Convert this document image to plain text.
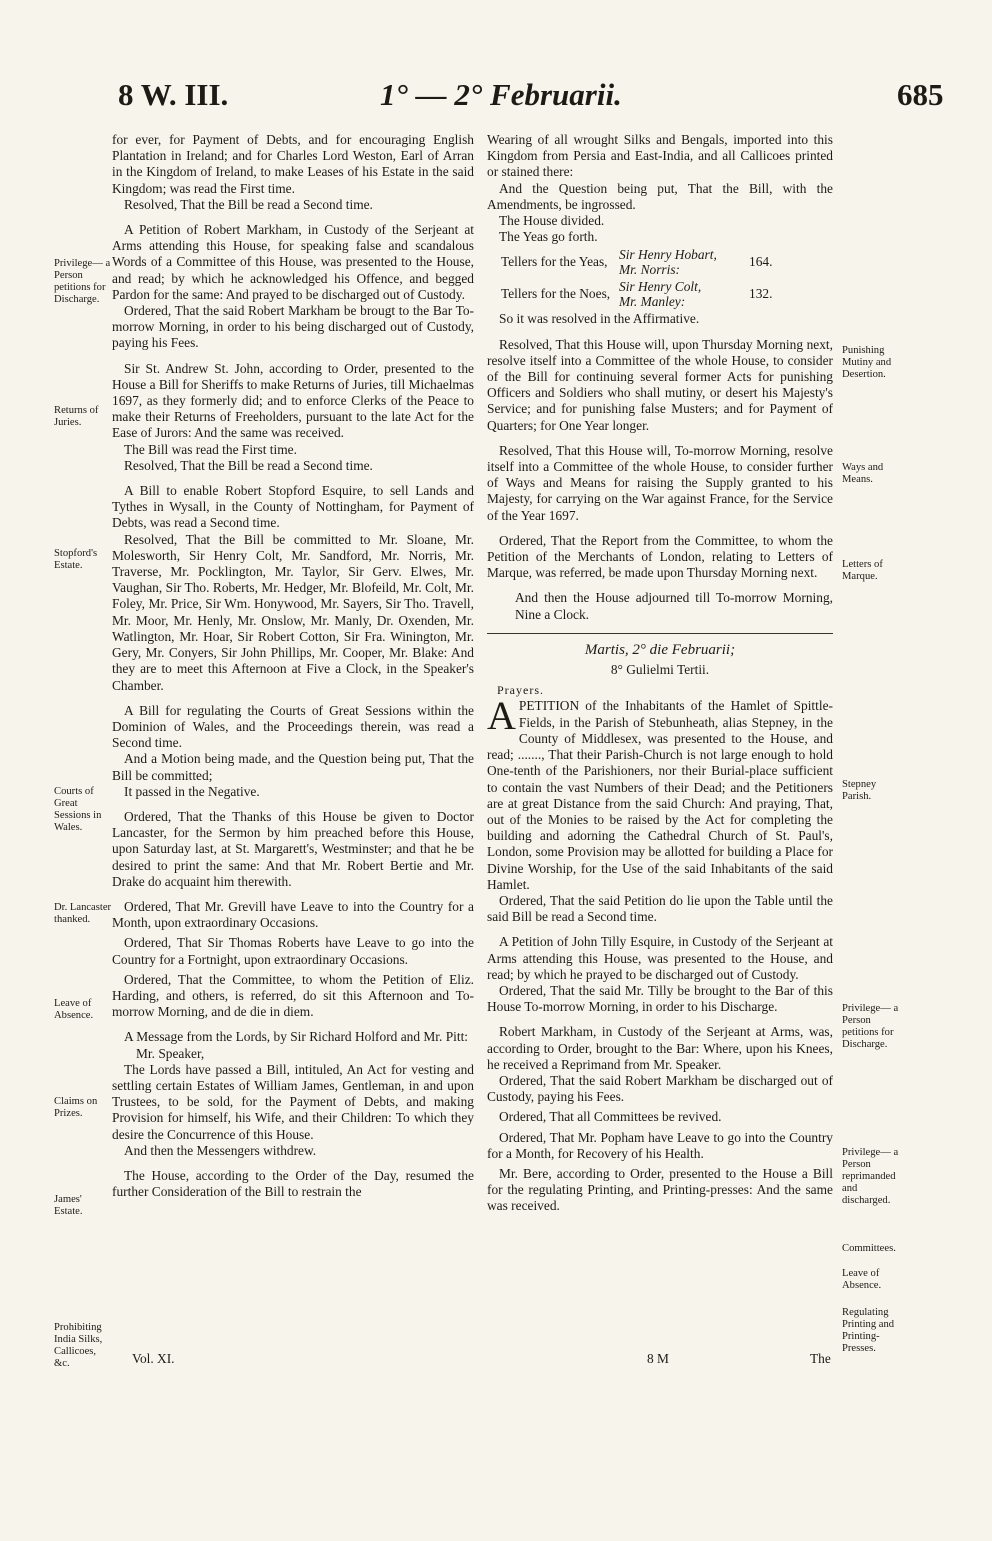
8 W. III.	1° — 2° Februarii.	685
Privilege— a Person petitions for Discharge.
Returns of Juries.
Stopford's Estate.
Courts of Great Sessions in Wales.
Dr. Lancaster thanked.
Leave of Absence.
Claims on Prizes.
James' Estate.
Prohibiting India Silks, Callicoes, &c.
Punishing Mutiny and Desertion.
Ways and Means.
Letters of Marque.
Stepney Parish.
Privilege— a Person petitions for Discharge.
Privilege— a Person reprimanded and discharged.
Committees.
Leave of Absence.
Regulating Printing and Printing-Presses.

for ever, for Payment of Debts, and for encouraging English Plantation in Ireland; and for Charles Lord Weston, Earl of Arran in the Kingdom of Ireland, to make Leases of his Estate in the said Kingdom; was read the First time.

Resolved, That the Bill be read a Second time.

A Petition of Robert Markham, in Custody of the Serjeant at Arms attending this House, for speaking false and scandalous Words of a Committee of this House, was presented to the House, and read; by which he acknowledged his Offence, and begged Pardon for the same: And prayed to be discharged out of Custody.

Ordered, That the said Robert Markham be brougt to the Bar To-morrow Morning, in order to his being discharged out of Custody, paying his Fees.

Sir St. Andrew St. John, according to Order, presented to the House a Bill for Sheriffs to make Returns of Juries, till Michaelmas 1697, as they formerly did; and to enforce Clerks of the Peace to make their Returns of Freeholders, pursuant to the late Act for the Ease of Jurors: And the same was received.

The Bill was read the First time.

Resolved, That the Bill be read a Second time.

A Bill to enable Robert Stopford Esquire, to sell Lands and Tythes in Wysall, in the County of Nottingham, for Payment of Debts, was read a Second time.

Resolved, That the Bill be committed to Mr. Sloane, Mr. Molesworth, Sir Henry Colt, Mr. Sandford, Mr. Norris, Mr. Traverse, Mr. Pocklington, Mr. Taylor, Sir Gerv. Elwes, Mr. Vaughan, Sir Tho. Roberts, Mr. Hedger, Mr. Blofeild, Mr. Colt, Mr. Foley, Mr. Price, Sir Wm. Honywood, Mr. Sayers, Sir Tho. Travell, Mr. Moor, Mr. Henly, Mr. Onslow, Mr. Manly, Dr. Oxenden, Mr. Watlington, Mr. Hoar, Sir Robert Cotton, Sir Fra. Winington, Mr. Gery, Mr. Conyers, Sir John Phillips, Mr. Cooper, Mr. Blake: And they are to meet this Afternoon at Five a Clock, in the Speaker's Chamber.

A Bill for regulating the Courts of Great Sessions within the Dominion of Wales, and the Proceedings therein, was read a Second time.

And a Motion being made, and the Question being put, That the Bill be committed;

It passed in the Negative.

Ordered, That the Thanks of this House be given to Doctor Lancaster, for the Sermon by him preached before this House, upon Saturday last, at St. Margarett's, Westminster; and that he be desired to print the same: And that Mr. Robert Bertie and Mr. Drake do acquaint him therewith.

Ordered, That Mr. Grevill have Leave to into the Country for a Month, upon extraordinary Occasions.

Ordered, That Sir Thomas Roberts have Leave to go into the Country for a Fortnight, upon extraordinary Occasions.

Ordered, That the Committee, to whom the Petition of Eliz. Harding, and others, is referred, do sit this Afternoon and To-morrow Morning, and de die in diem.

A Message from the Lords, by Sir Richard Holford and Mr. Pitt:

Mr. Speaker,

The Lords have passed a Bill, intituled, An Act for vesting and settling certain Estates of William James, Gentleman, in and upon Trustees, to be sold, for the Payment of Debts, and making Provision for himself, his Wife, and their Children: To which they desire the Concurrence of this House.

And then the Messengers withdrew.

The House, according to the Order of the Day, resumed the further Consideration of the Bill to restrain the

Wearing of all wrought Silks and Bengals, imported into this Kingdom from Persia and East-India, and all Callicoes printed or stained there:

And the Question being put, That the Bill, with the Amendments, be ingrossed.

The House divided.

The Yeas go forth.

Tellers for the Yeas, Sir Henry Hobart,
Mr. Norris:
164.
Tellers for the Noes, Sir Henry Colt,
Mr. Manley:
132.

So it was resolved in the Affirmative.

Resolved, That this House will, upon Thursday Morning next, resolve itself into a Committee of the whole House, to consider of the Bill for continuing several former Acts for punishing Officers and Soldiers who shall mutiny, or desert his Majesty's Service; and for punishing false Musters; and for Payment of Quarters; for One Year longer.

Resolved, That this House will, To-morrow Morning, resolve itself into a Committee of the whole House, to consider further of Ways and Means for raising the Supply granted to his Majesty, for carrying on the War against France, for the Service of the Year 1697.

Ordered, That the Report from the Committee, to whom the Petition of the Merchants of London, relating to Letters of Marque, was referred, be made upon Thursday Morning next.

And then the House adjourned till To-morrow Morning, Nine a Clock.

Martis, 2° die Februarii;

8° Gulielmi Tertii.

Prayers.

APETITION of the Inhabitants of the Hamlet of Spittle-Fields, in the Parish of Stebunheath, alias Stepney, in the County of Middlesex, was presented to the House, and read; ......., That their Parish-Church is not large enough to hold One-tenth of the Parishioners, nor their Burial-place sufficient to contain the vast Numbers of their Dead; and the Petitioners are at great Distance from the said Church: And praying, That, out of the Monies to be raised by the Act for completing the building and adorning the Cathedral Church of St. Paul's, London, some Provision may be allotted for building a Place for Divine Worship, for the Use of the said Inhabitants of the said Hamlet.

Ordered, That the said Petition do lie upon the Table until the said Bill be read a Second time.

A Petition of John Tilly Esquire, in Custody of the Serjeant at Arms attending this House, was presented to the House, and read; by which he prayed to be discharged out of Custody.

Ordered, That the said Mr. Tilly be brought to the Bar of this House To-morrow Morning, in order to his Discharge.

Robert Markham, in Custody of the Serjeant at Arms, was, according to Order, brought to the Bar: Where, upon his Knees, he received a Reprimand from Mr. Speaker.

Ordered, That the said Robert Markham be discharged out of Custody, paying his Fees.

Ordered, That all Committees be revived.

Ordered, That Mr. Popham have Leave to go into the Country for a Month, for Recovery of his Health.

Mr. Bere, according to Order, presented to the House a Bill for the regulating Printing, and Printing-presses: And the same was received.

Vol. XI.	8 M	The
